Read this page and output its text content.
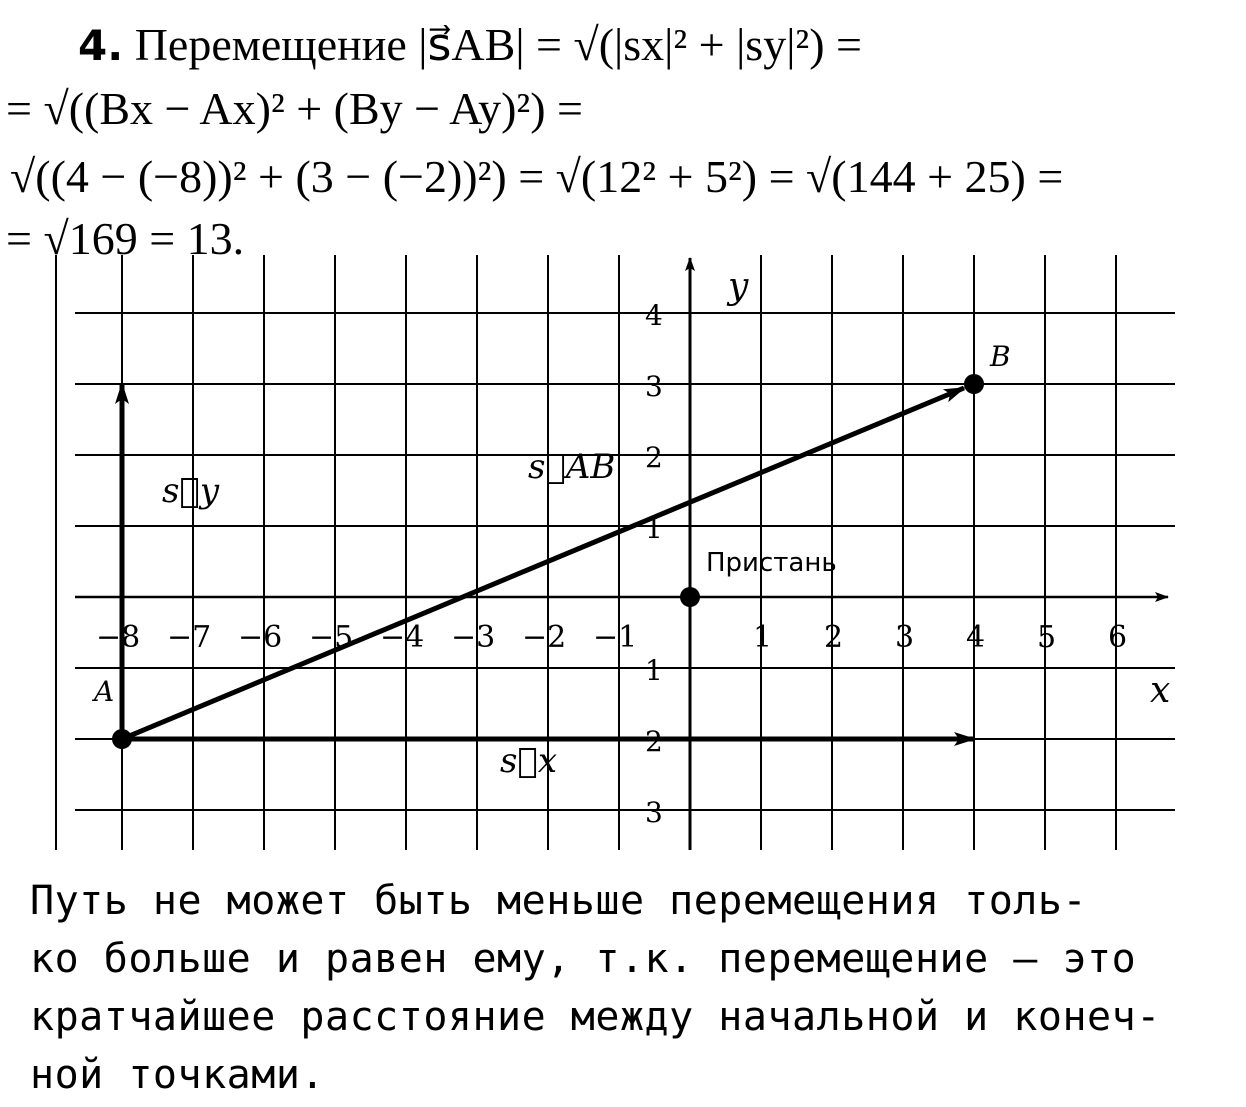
4. Перемещение |s⃗AB| = √(|sx|² + |sy|²) =
= √((Bx − Ax)² + (By − Ay)²) =
√((4 − (−8))² + (3 − (−2))²) = √(12² + 5²) = √(144 + 25) =
= √169 = 13.
−8 −7 −6 −5 −4 −3 −2 −1	1 2 3 4 5 6
4
3
2
1
1
2
3
x
y
A
B
Пристань
s⃗AB
s⃗y
s⃗x
Путь не может быть меньше перемещения толь-
ко больше и равен ему, т.к. перемещение — это
кратчайшее расстояние между начальной и конеч-
ной точками.
